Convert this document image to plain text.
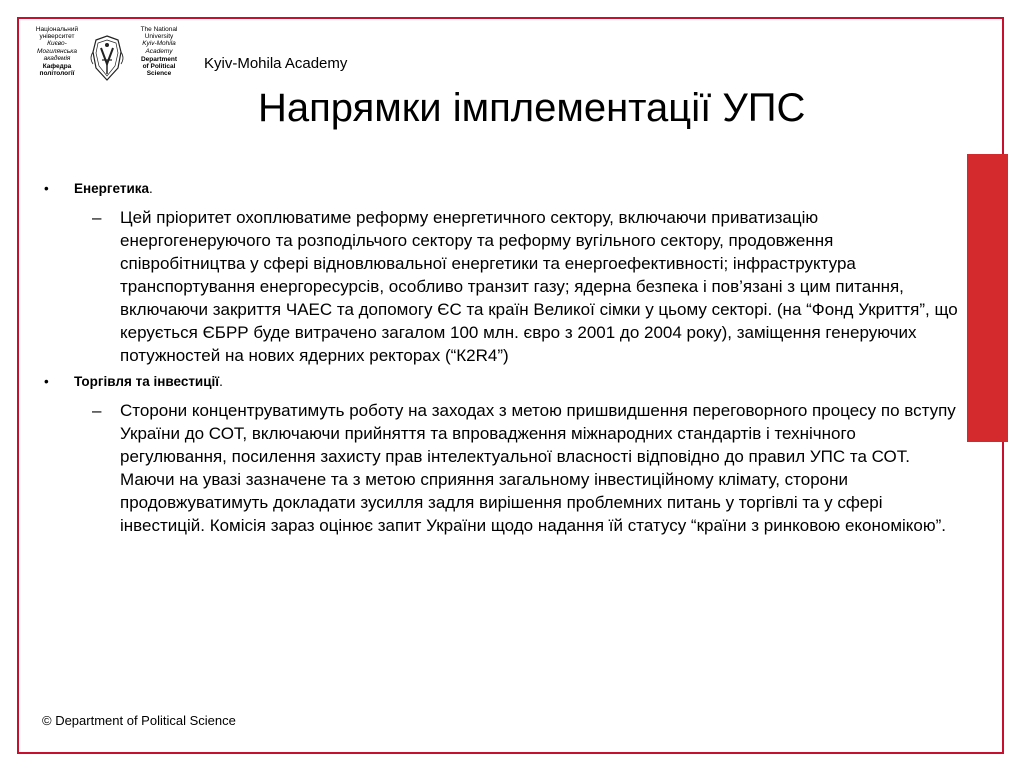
Національний
університет
Києво-
Могилянська
академія
Кафедра
політології
The National
University
Kyiv-Mohila
Academy
Department
of Political
Science
Kyiv-Mohila Academy
Напрямки імплементації УПС
• Енергетика.
– Цей пріоритет охоплюватиме реформу енергетичного сектору, включаючи приватизацію енергогенеруючого та розподільчого сектору та реформу вугільного сектору, продовження співробітництва у сфері відновлювальної енергетики та енергоефективності; інфраструктура транспортування енергоресурсів, особливо транзит газу; ядерна безпека і пов’язані з цим питання, включаючи закриття ЧАЕС та допомогу ЄС та країн Великої сімки у цьому секторі. (на “Фонд Укриття”, що керується ЄБРР буде витрачено загалом 100 млн. євро з 2001 до 2004 року), заміщення генеруючих потужностей на нових ядерних ректорах (“К2R4”)
• Торгівля та інвестиції.
– Сторони концентруватимуть роботу на заходах з метою пришвидшення переговорного процесу по вступу України до СОТ, включаючи прийняття та впровадження міжнародних стандартів і технічного регулювання, посилення захисту прав інтелектуальної власності відповідно до правил УПС та СОТ. Маючи на увазі зазначене та з метою сприяння загальному інвестиційному клімату, сторони продовжуватимуть докладати зусилля задля вирішення проблемних питань у торгівлі та у сфері інвестицій. Комісія зараз оцінює запит України щодо надання їй статусу “країни з ринковою економікою”.
© Department of Political Science
